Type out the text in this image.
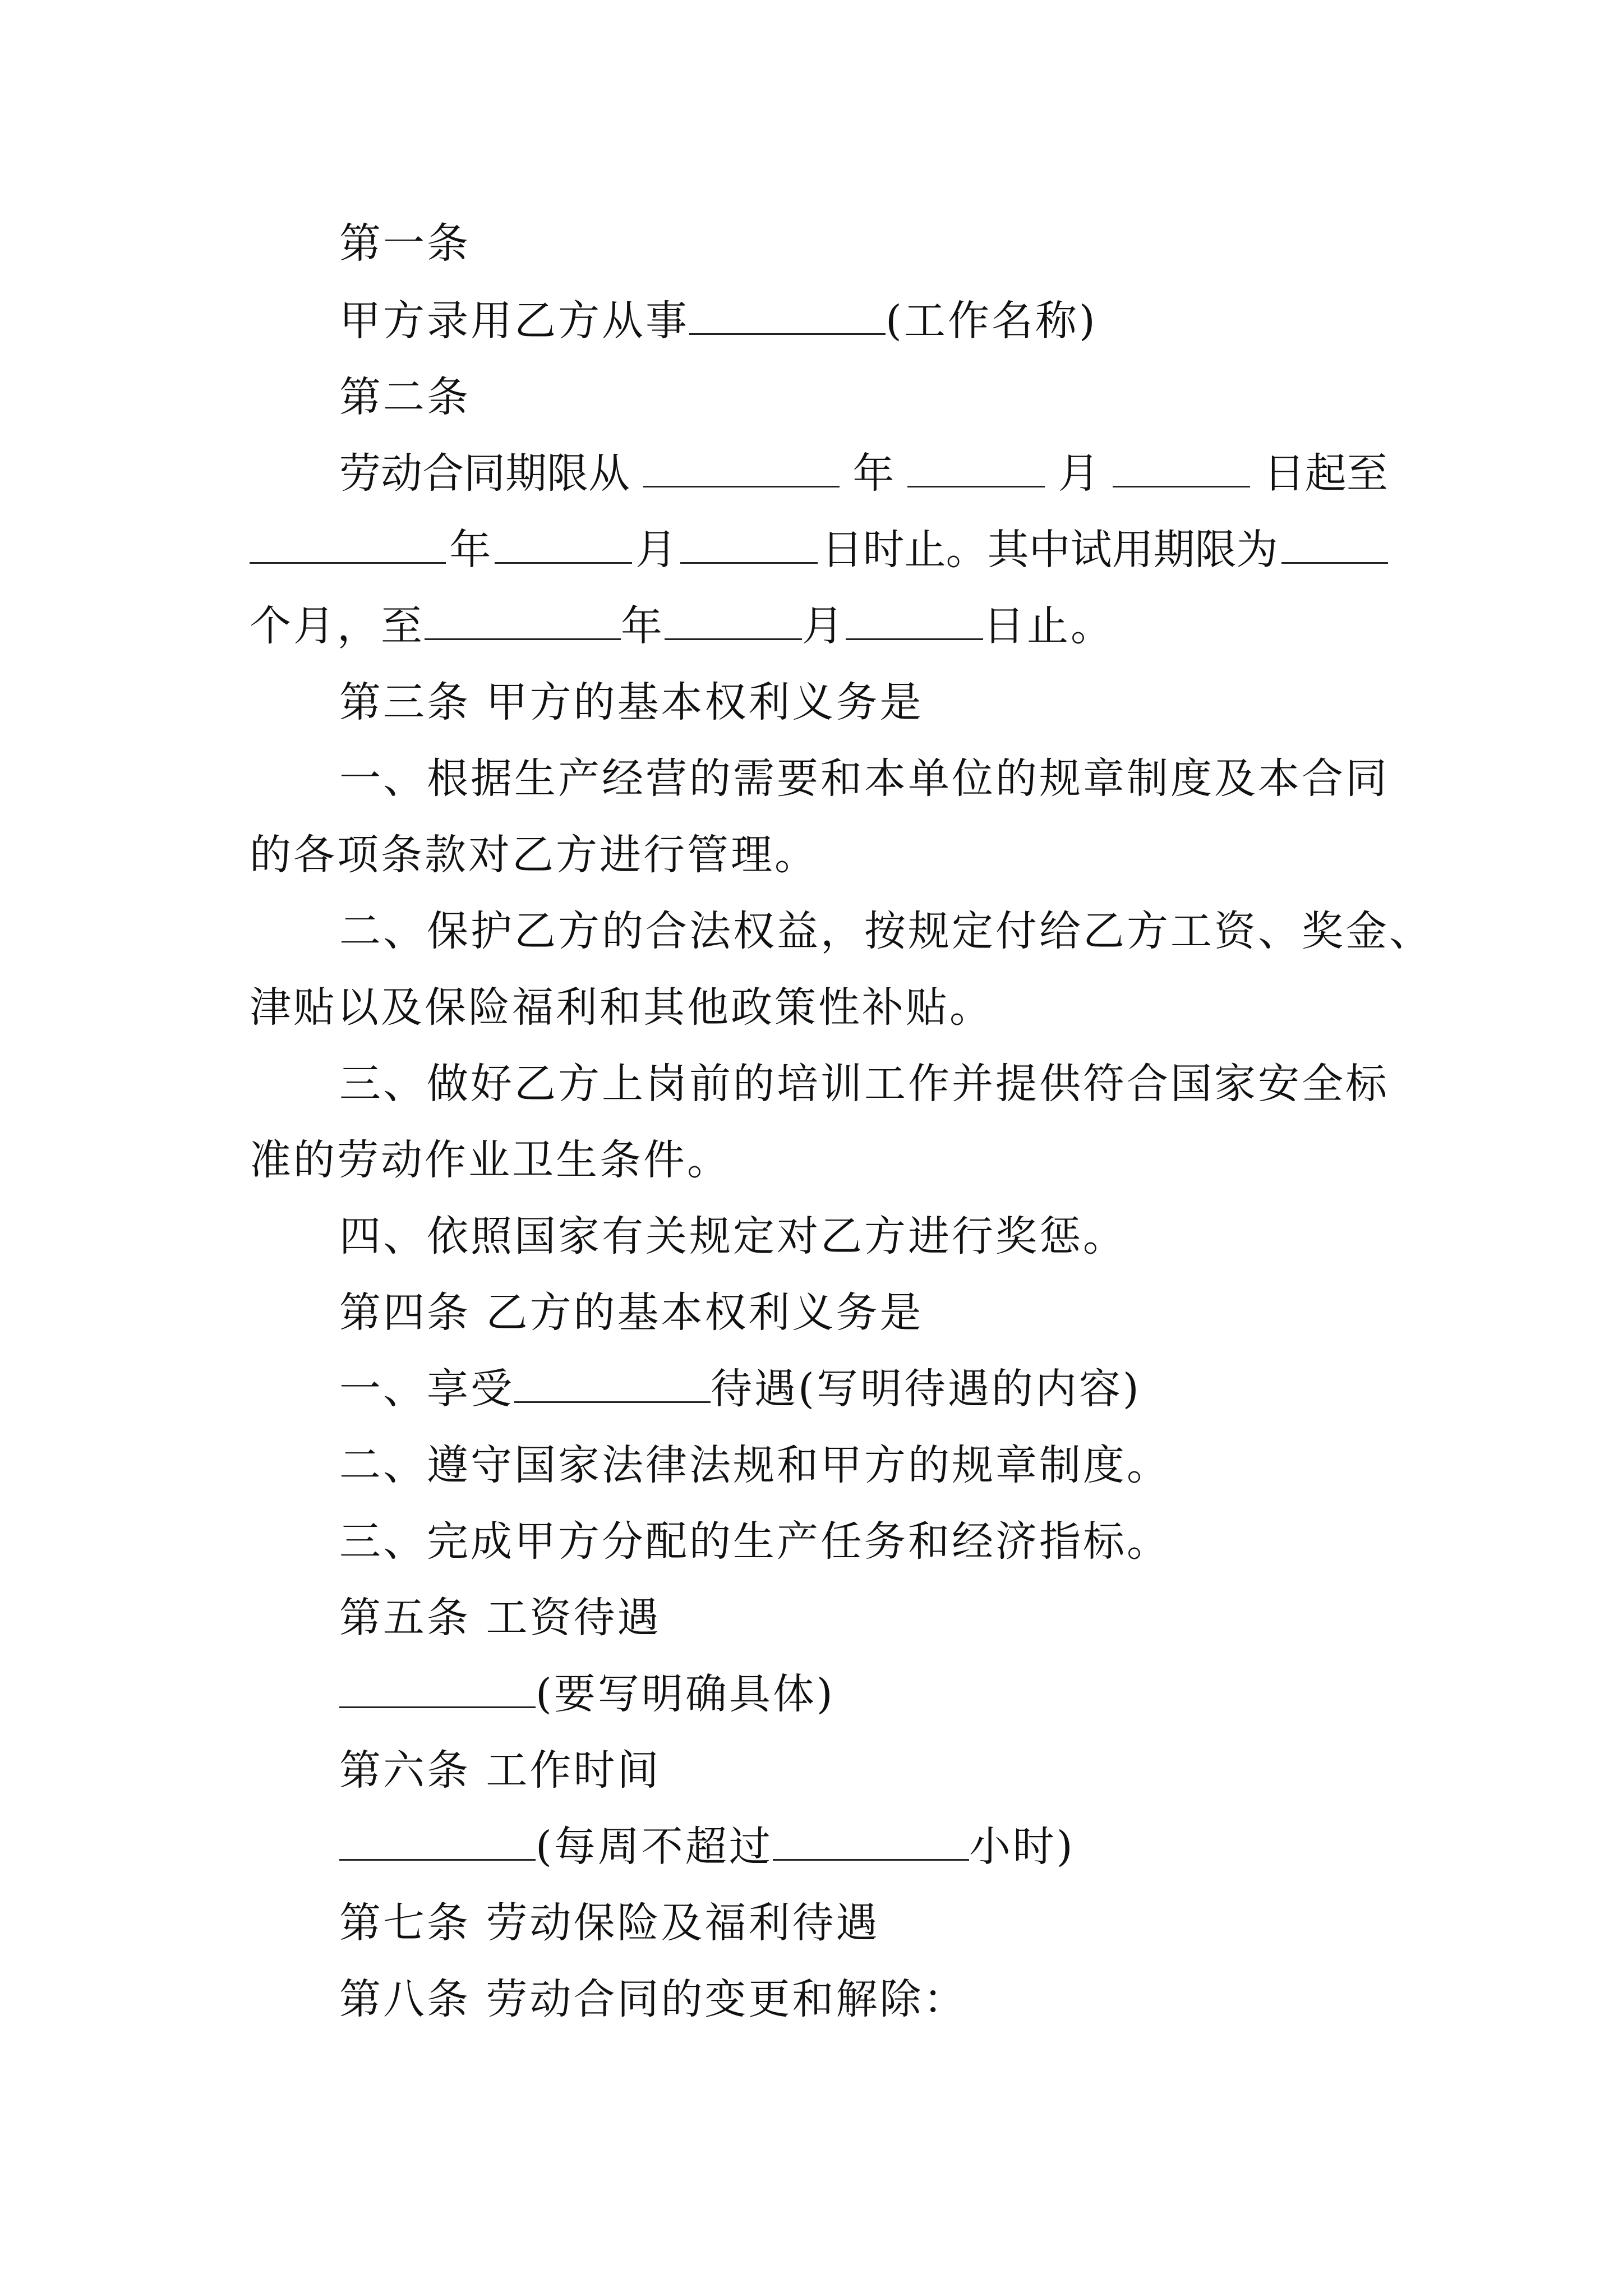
第一条
甲方录用乙方从事	(工作名称)
第二条
劳动合同期限从	年	月	日起至
年	月	日时止。其中试用期限为
个月，至	年	月	日止。
第三条 甲方的基本权利义务是
一、根据生产经营的需要和本单位的规章制度及本合同
的各项条款对乙方进行管理。
二、保护乙方的合法权益，按规定付给乙方工资、奖金、
津贴以及保险福利和其他政策性补贴。
三、做好乙方上岗前的培训工作并提供符合国家安全标
准的劳动作业卫生条件。
四、依照国家有关规定对乙方进行奖惩。
第四条 乙方的基本权利义务是
一、享受	待遇(写明待遇的内容)
二、遵守国家法律法规和甲方的规章制度。
三、完成甲方分配的生产任务和经济指标。
第五条 工资待遇
(要写明确具体)
第六条 工作时间
(每周不超过	小时)
第七条 劳动保险及福利待遇
第八条 劳动合同的变更和解除：
